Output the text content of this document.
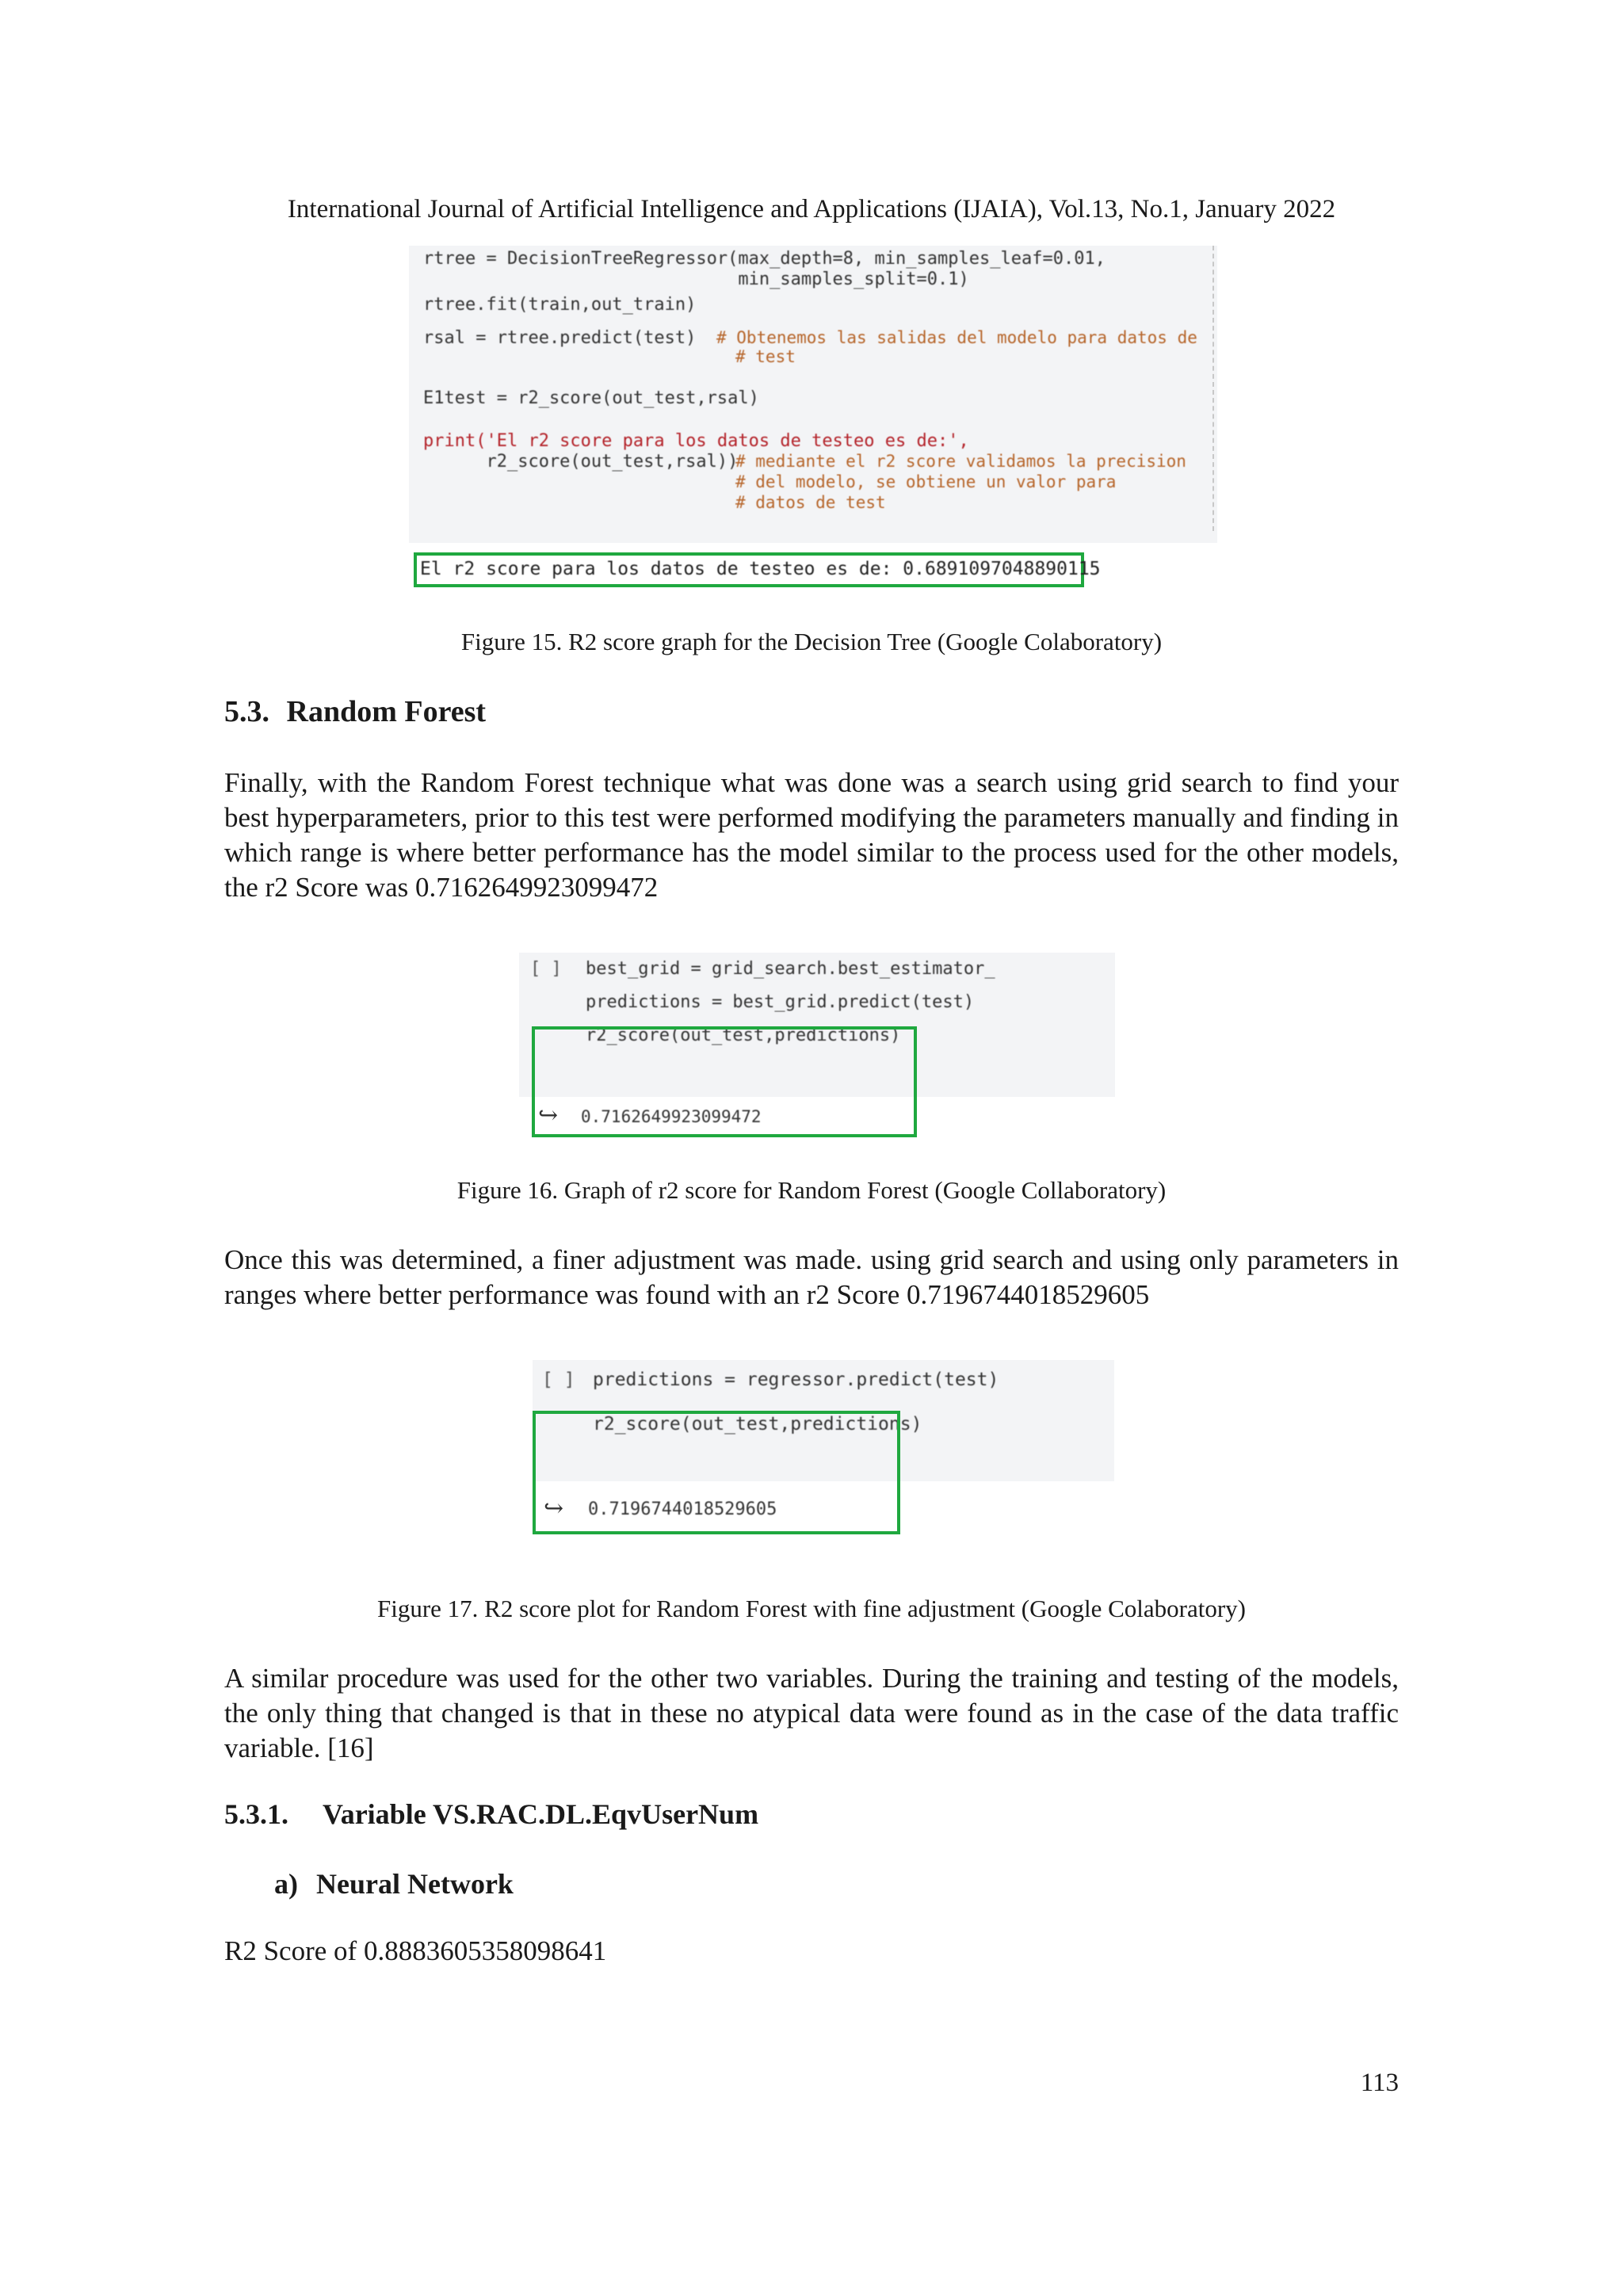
International Journal of Artificial Intelligence and Applications (IJAIA), Vol.13, No.1, January 2022
rtree = DecisionTreeRegressor(max_depth=8, min_samples_leaf=0.01,
min_samples_split=0.1)
rtree.fit(train,out_train)
rsal = rtree.predict(test) # Obtenemos las salidas del modelo para datos de
# test
E1test = r2_score(out_test,rsal)
print('El r2 score para los datos de testeo es de:',
r2_score(out_test,rsal))
# mediante el r2 score validamos la precision
# del modelo, se obtiene un valor para
# datos de test
El r2 score para los datos de testeo es de: 0.6891097048890115
Figure 15. R2 score graph for the Decision Tree (Google Colaboratory)
5.3. Random Forest

Finally, with the Random Forest technique what was done was a search using grid search to find your best hyperparameters, prior to this test were performed modifying the parameters manually and finding in which range is where better performance has the model similar to the process used for the other models, the r2 Score was 0.7162649923099472

[ ] best_grid = grid_search.best_estimator_
predictions = best_grid.predict(test)
r2_score(out_test,predictions)
↪ 0.7162649923099472
Figure 16. Graph of r2 score for Random Forest (Google Collaboratory)

Once this was determined, a finer adjustment was made. using grid search and using only parameters in ranges where better performance was found with an r2 Score 0.7196744018529605

[ ] predictions = regressor.predict(test)
r2_score(out_test,predictions)
↪ 0.7196744018529605
Figure 17. R2 score plot for Random Forest with fine adjustment (Google Colaboratory)

A similar procedure was used for the other two variables. During the training and testing of the models, the only thing that changed is that in these no atypical data were found as in the case of the data traffic variable. [16]

5.3.1. Variable VS.RAC.DL.EqvUserNum
a) Neural Network
R2 Score of 0.8883605358098641
113
